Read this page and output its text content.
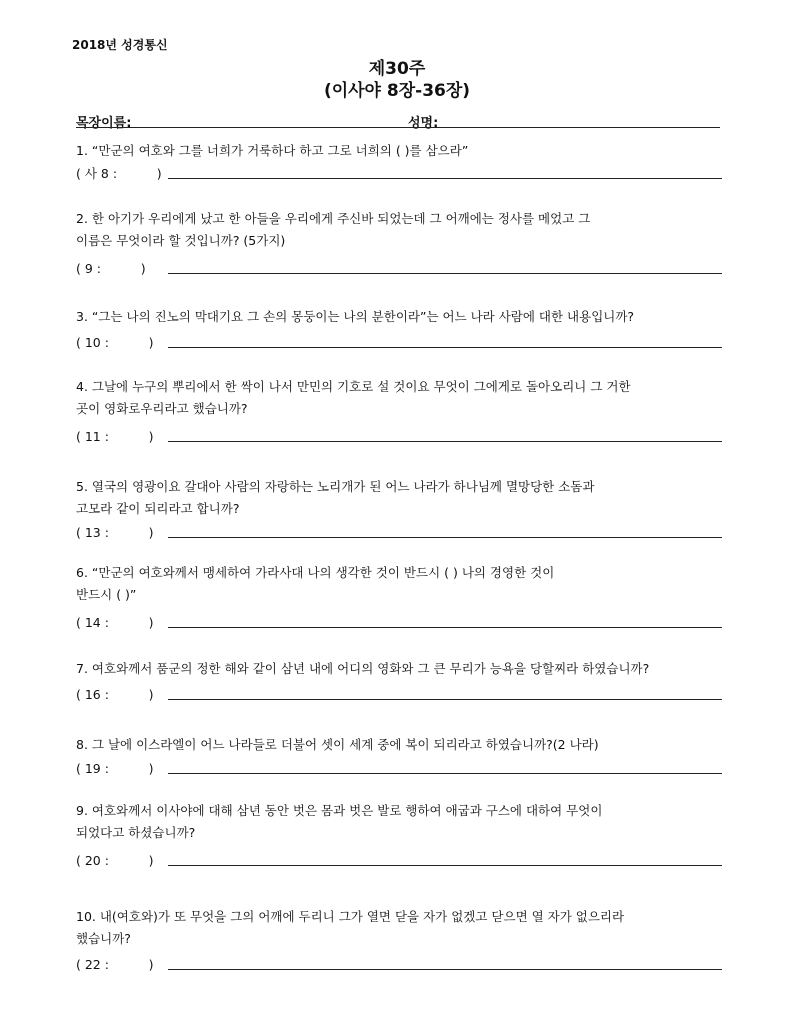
2018년 성경통신
제30주
(이사야 8장-36장)
목장이름:	성명:
1. “만군의 여호와 그를 너희가 거룩하다 하고 그로 너희의 ( )를 삼으라”
( 사 8 :          )
2. 한 아기가 우리에게 났고 한 아들을 우리에게 주신바 되었는데 그 어깨에는 정사를 메었고 그
이름은 무엇이라 할 것입니까? (5가지)
( 9 :          )
3. “그는 나의 진노의 막대기요 그 손의 몽둥이는 나의 분한이라”는 어느 나라 사람에 대한 내용입니까?
( 10 :          )
4. 그날에 누구의 뿌리에서 한 싹이 나서 만민의 기호로 설 것이요 무엇이 그에게로 돌아오리니 그 거한
곳이 영화로우리라고 했습니까?
( 11 :          )
5. 열국의 영광이요 갈대아 사람의 자랑하는 노리개가 된 어느 나라가 하나님께 멸망당한 소돔과
고모라 같이 되리라고 합니까?
( 13 :          )
6. “만군의 여호와께서 맹세하여 가라사대 나의 생각한 것이 반드시 ( ) 나의 경영한 것이
반드시 ( )”
( 14 :          )
7. 여호와께서 품군의 정한 해와 같이 삼년 내에 어디의 영화와 그 큰 무리가 능욕을 당할찌라 하였습니까?
( 16 :          )
8. 그 날에 이스라엘이 어느 나라들로 더불어 셋이 세계 중에 복이 되리라고 하였습니까?(2 나라)
( 19 :          )
9. 여호와께서 이사야에 대해 삼년 동안 벗은 몸과 벗은 발로 행하여 애굽과 구스에 대하여 무엇이
되었다고 하셨습니까?
( 20 :          )
10. 내(여호와)가 또 무엇을 그의 어깨에 두리니 그가 열면 닫을 자가 없겠고 닫으면 열 자가 없으리라
했습니까?
( 22 :          )
